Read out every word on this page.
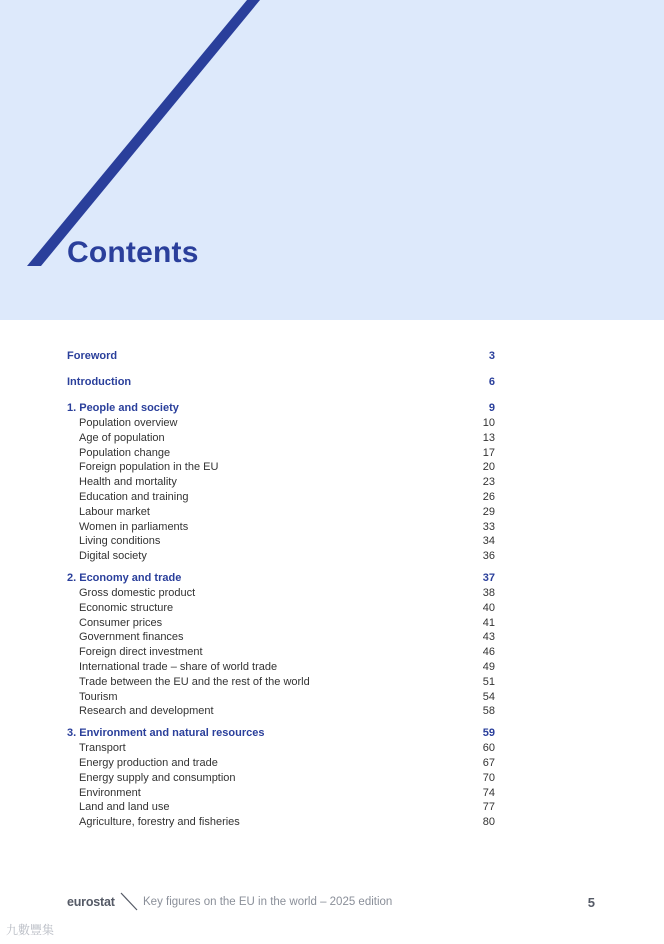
Contents
Foreword	3
Introduction	6
1. People and society	9
Population overview	10
Age of population	13
Population change	17
Foreign population in the EU	20
Health and mortality	23
Education and training	26
Labour market	29
Women in parliaments	33
Living conditions	34
Digital society	36
2. Economy and trade	37
Gross domestic product	38
Economic structure	40
Consumer prices	41
Government finances	43
Foreign direct investment	46
International trade – share of world trade	49
Trade between the EU and the rest of the world	51
Tourism	54
Research and development	58
3. Environment and natural resources	59
Transport	60
Energy production and trade	67
Energy supply and consumption	70
Environment	74
Land and land use	77
Agriculture, forestry and fisheries	80
eurostat Key figures on the EU in the world – 2025 edition	5
九數豐集
